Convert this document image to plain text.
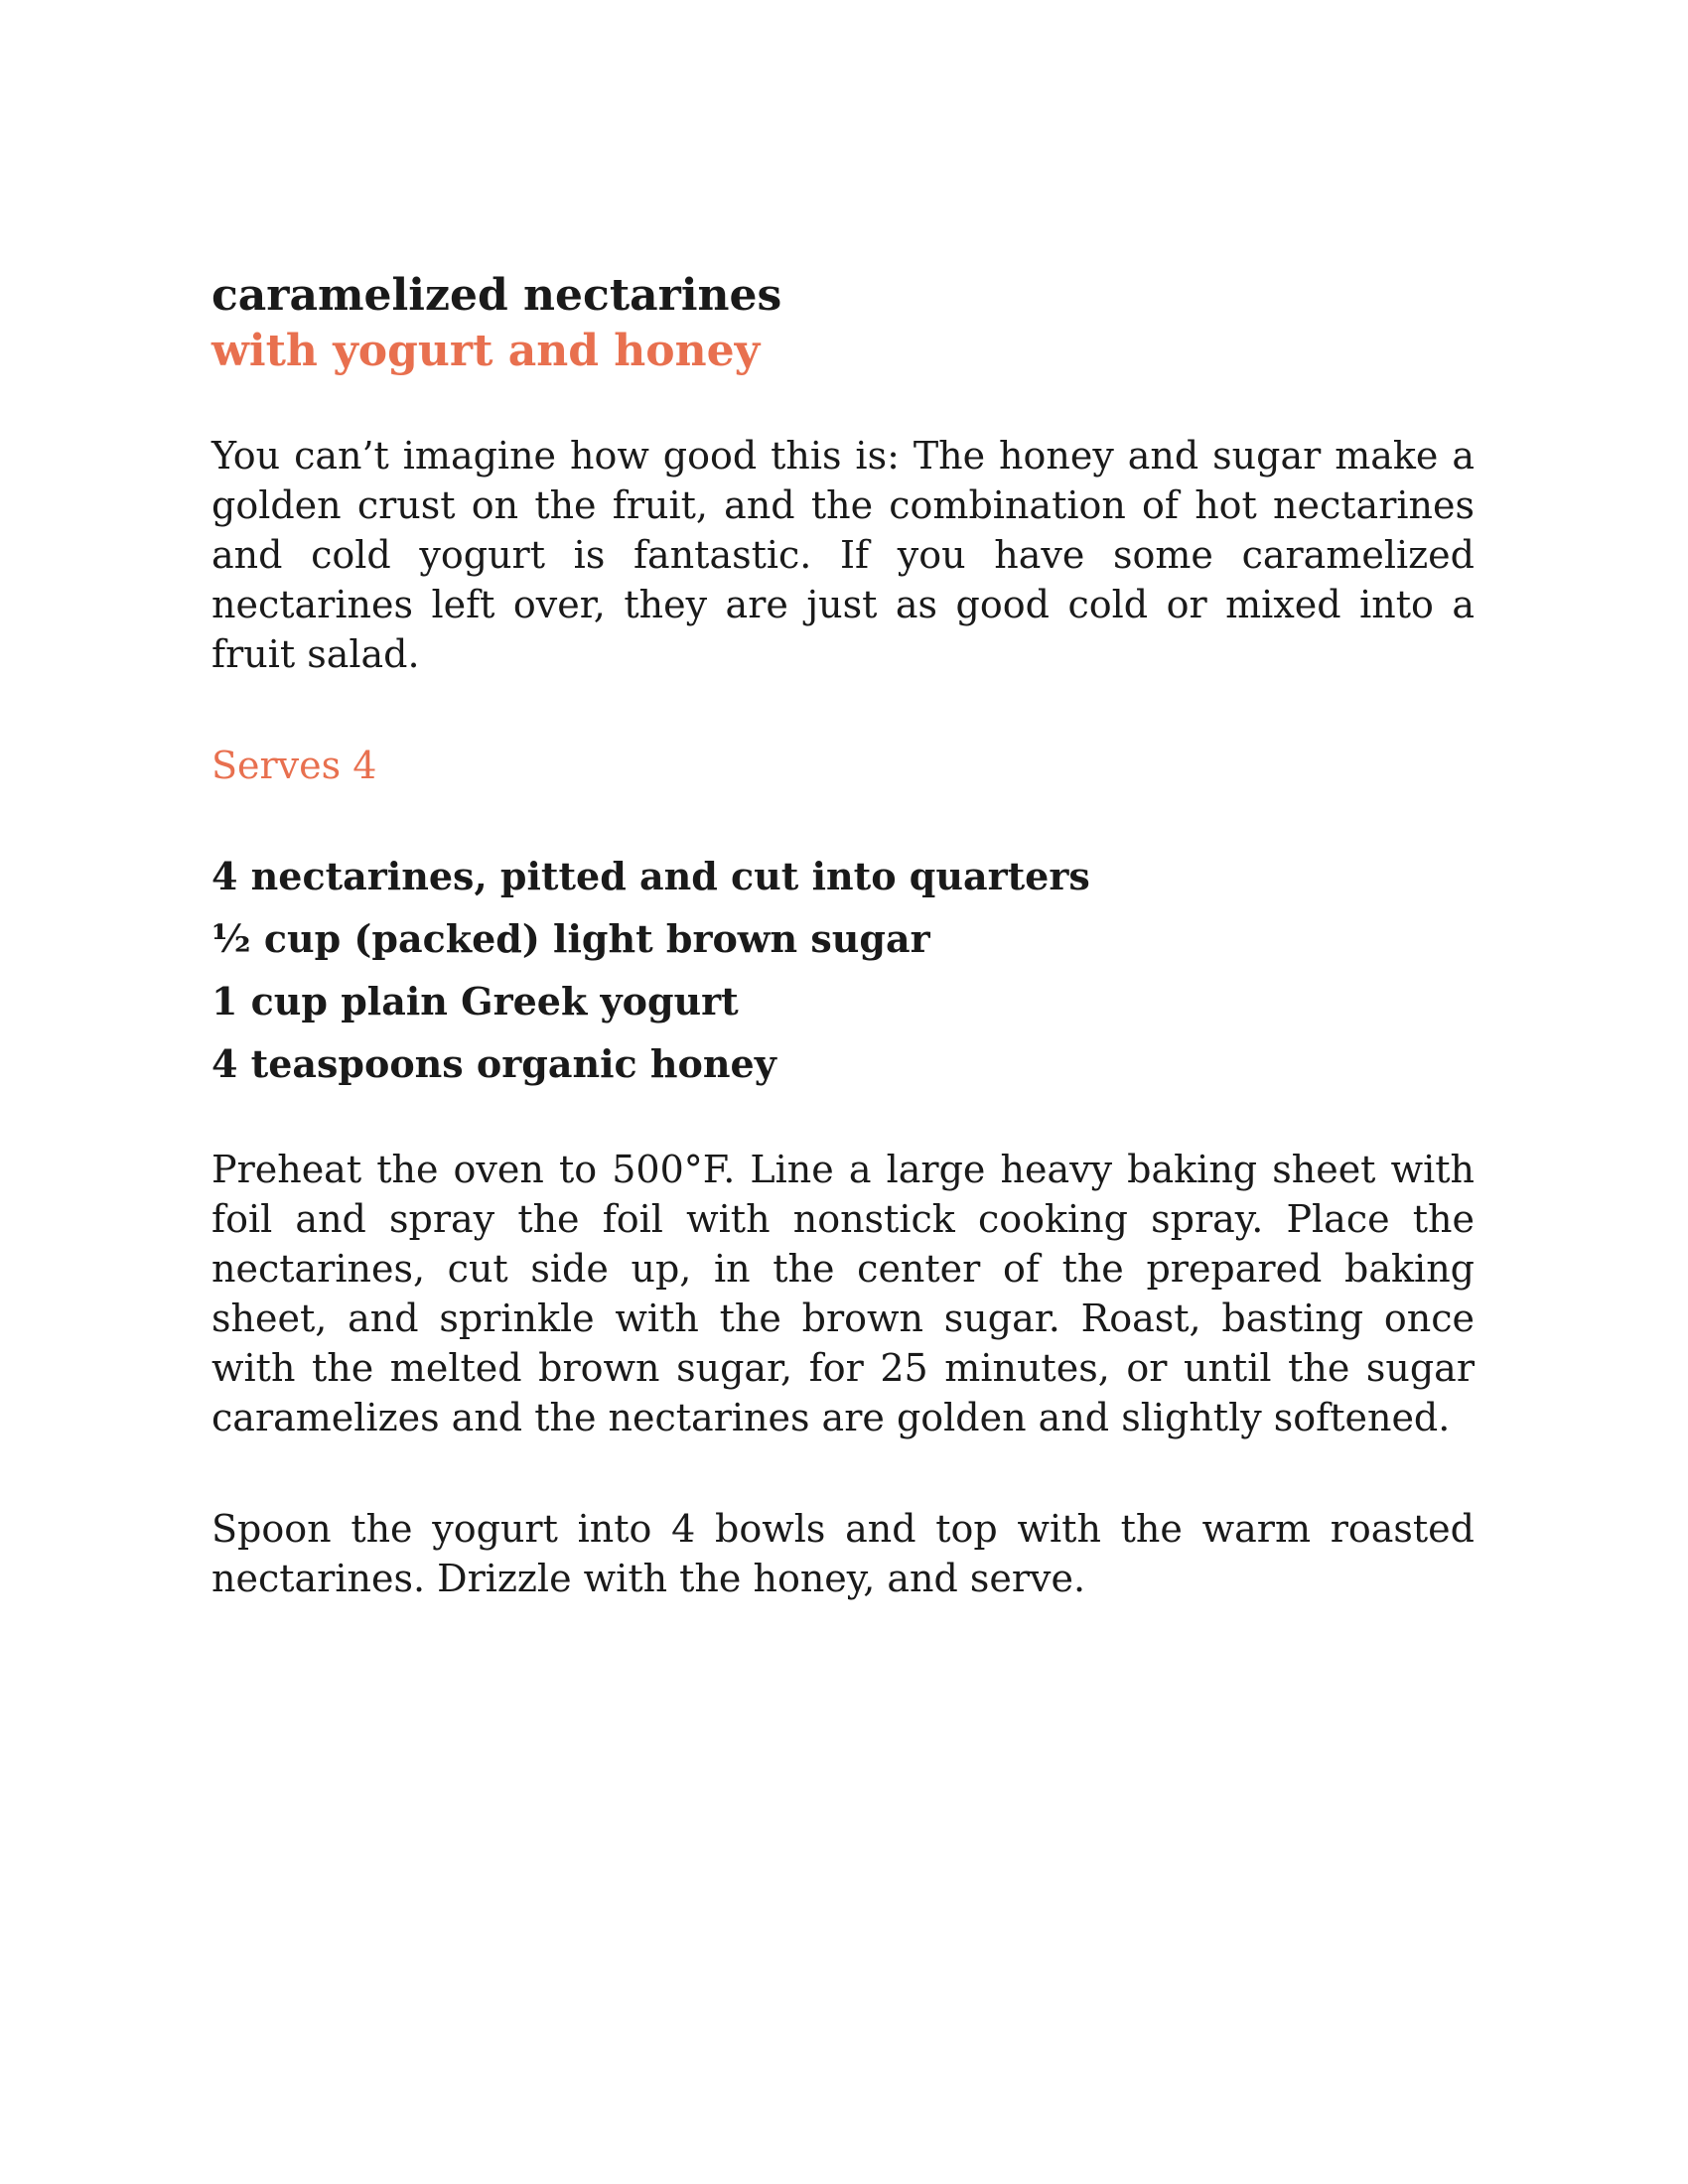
caramelized nectarines
with yogurt and honey

You can’t imagine how good this is: The honey and sugar make a golden crust on the fruit, and the combination of hot nectarines and cold yogurt is fantastic. If you have some caramelized nectarines left over, they are just as good cold or mixed into a fruit salad.

Serves 4

4 nectarines, pitted and cut into quarters
½ cup (packed) light brown sugar
1 cup plain Greek yogurt
4 teaspoons organic honey

Preheat the oven to 500°F. Line a large heavy baking sheet with foil and spray the foil with nonstick cooking spray. Place the nectarines, cut side up, in the center of the prepared baking sheet, and sprinkle with the brown sugar. Roast, basting once with the melted brown sugar, for 25 minutes, or until the sugar caramelizes and the nectarines are golden and slightly softened.

Spoon the yogurt into 4 bowls and top with the warm roasted nectarines. Drizzle with the honey, and serve.
